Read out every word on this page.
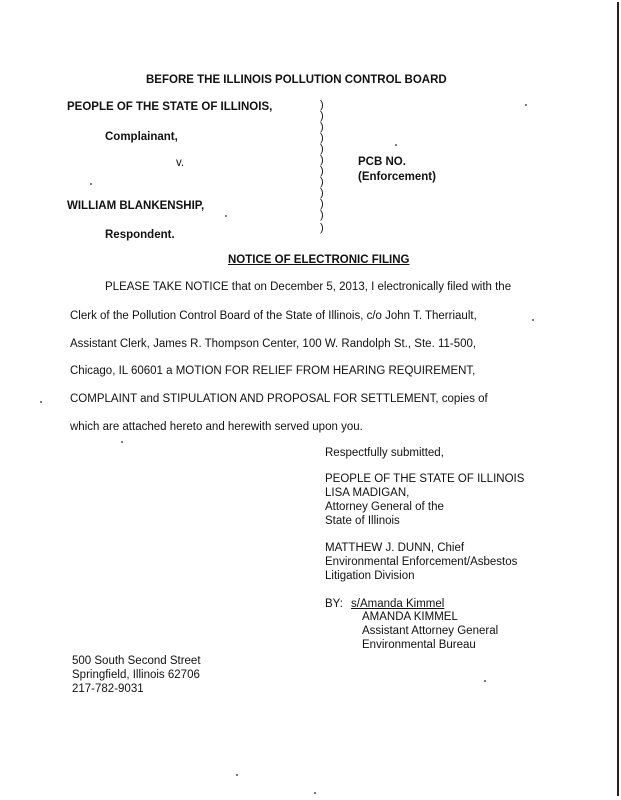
BEFORE THE ILLINOIS POLLUTION CONTROL BOARD
PEOPLE OF THE STATE OF ILLINOIS,
Complainant,
v.
WILLIAM BLANKENSHIP,
Respondent.
PCB NO.
(Enforcement)
)
)
)
)
)
)
)
)
)
)
)
)
NOTICE OF ELECTRONIC FILING
PLEASE TAKE NOTICE that on December 5, 2013, I electronically filed with the
Clerk of the Pollution Control Board of the State of Illinois, c/o John T. Therriault,
Assistant Clerk, James R. Thompson Center, 100 W. Randolph St., Ste. 11-500,
Chicago, IL 60601 a MOTION FOR RELIEF FROM HEARING REQUIREMENT,
COMPLAINT and STIPULATION AND PROPOSAL FOR SETTLEMENT, copies of
which are attached hereto and herewith served upon you.
Respectfully submitted,
PEOPLE OF THE STATE OF ILLINOIS
LISA MADIGAN,
Attorney General of the
State of Illinois
MATTHEW J. DUNN, Chief
Environmental Enforcement/Asbestos
Litigation Division
BY: s/Amanda Kimmel
AMANDA KIMMEL
Assistant Attorney General
Environmental Bureau
500 South Second Street
Springfield, Illinois 62706
217-782-9031
